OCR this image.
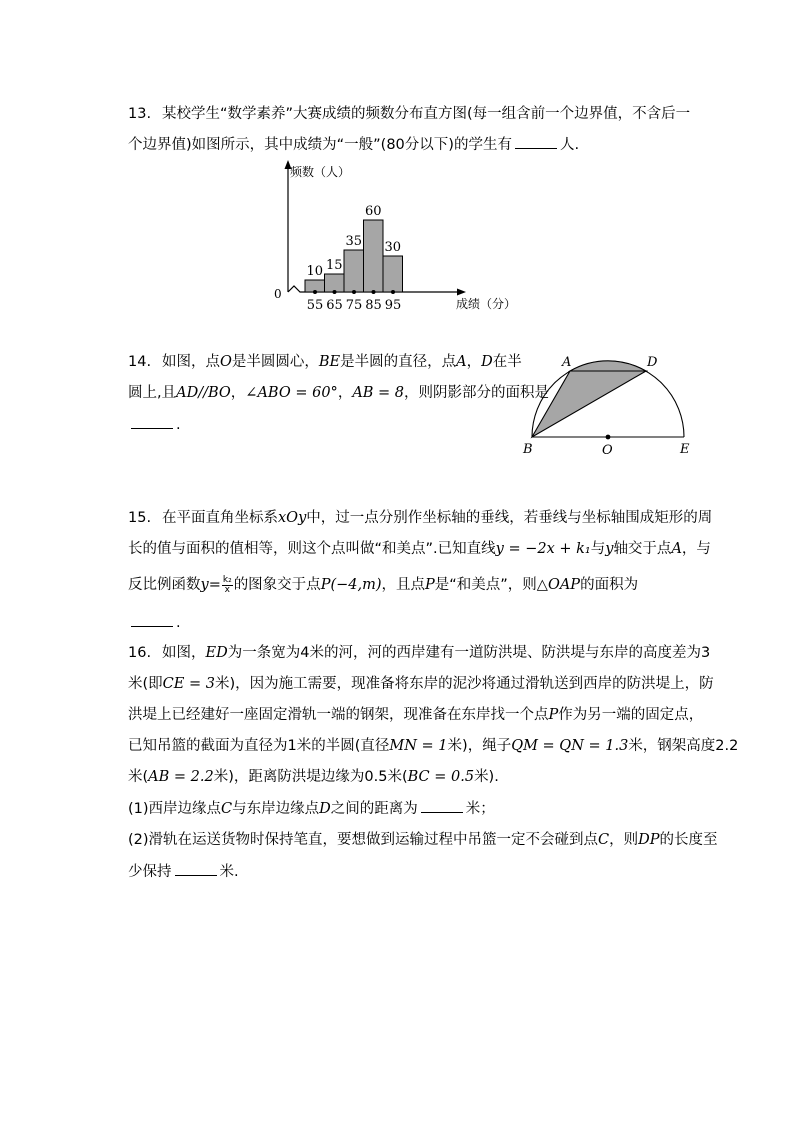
13. 某校学生“数学素养”大赛成绩的频数分布直方图(每一组含前一个边界值，不含后一
个边界值)如图所示，其中成绩为“一般”(80分以下)的学生有	人.
频数（人）
成绩（分）
0
10 15
35
60
30
55 65 75 85 95
14. 如图，点O是半圆圆心，BE是半圆的直径，点A，D在半
圆上,且AD//BO，∠ABO = 60°，AB = 8，则阴影部分的面积是
.
A	D
B	O	E
15. 在平面直角坐标系xOy中，过一点分别作坐标轴的垂线，若垂线与坐标轴围成矩形的周
长的值与面积的值相等，则这个点叫做“和美点”.已知直线y = −2x + k₁与y轴交于点A，与
反比例函数$y= \frac{\text{k₂}}{x}$ 的图象交于点P(−4,m)，且点P是“和美点”，则△OAP的面积为
.
16. 如图，ED为一条宽为4米的河，河的西岸建有一道防洪堤、防洪堤与东岸的高度差为3
米(即CE = 3米)，因为施工需要，现准备将东岸的泥沙将通过滑轨送到西岸的防洪堤上，防
洪堤上已经建好一座固定滑轨一端的钢架，现准备在东岸找一个点P作为另一端的固定点，
已知吊篮的截面为直径为1米的半圆(直径MN = 1米)，绳子QM = QN = 1.3米，钢架高度2.2
米(AB = 2.2米)，距离防洪堤边缘为0.5米(BC = 0.5米).
(1)西岸边缘点C与东岸边缘点D之间的距离为	米；
(2)滑轨在运送货物时保持笔直，要想做到运输过程中吊篮一定不会碰到点C，则DP的长度至
少保持	米.
